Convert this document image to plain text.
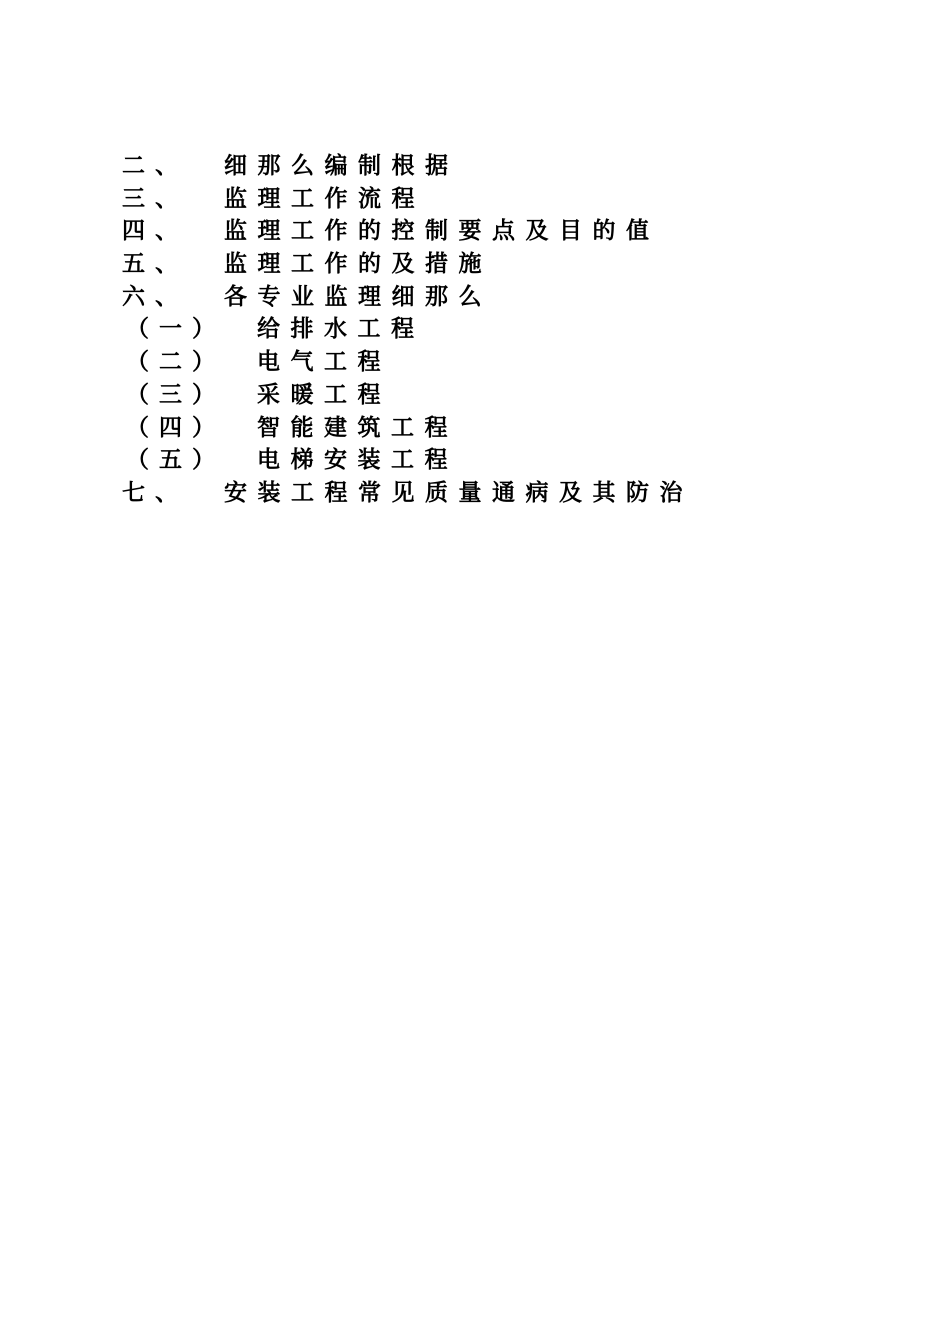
二、 细那么编制根据
三、 监理工作流程
四、 监理工作的控制要点及目的值
五、 监理工作的及措施
六、 各专业监理细那么
（一） 给排水工程
（二） 电气工程
（三） 采暖工程
（四） 智能建筑工程
（五） 电梯安装工程
七、 安装工程常见质量通病及其防治
